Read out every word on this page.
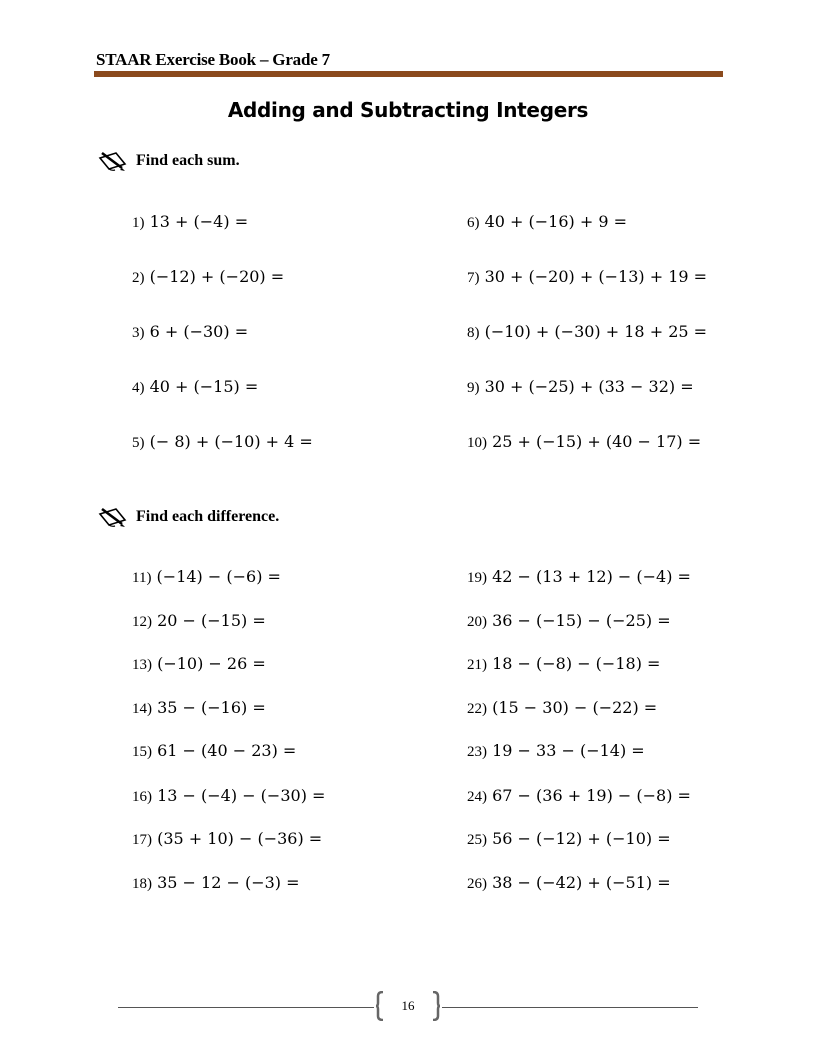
STAAR Exercise Book – Grade 7
Adding and Subtracting Integers
Find each sum.
1) 13 + (−4) =
2) (−12) + (−20) =
3) 6 + (−30) =
4) 40 + (−15) =
5) (− 8) + (−10) + 4 =
6) 40 + (−16) + 9 =
7) 30 + (−20) + (−13) + 19 =
8) (−10) + (−30) + 18 + 25 =
9) 30 + (−25) + (33 − 32) =
10) 25 + (−15) + (40 − 17) =
Find each difference.
11) (−14) − (−6) =
12) 20 − (−15) =
13) (−10) − 26 =
14) 35 − (−16) =
15) 61 − (40 − 23) =
16) 13 − (−4) − (−30) =
17) (35 + 10) − (−36) =
18) 35 − 12 − (−3) =
19) 42 − (13 + 12) − (−4) =
20) 36 − (−15) − (−25) =
21) 18 − (−8) − (−18) =
22) (15 − 30) − (−22) =
23) 19 − 33 − (−14) =
24) 67 − (36 + 19) − (−8) =
25) 56 − (−12) + (−10) =
26) 38 − (−42) + (−51) =
16
